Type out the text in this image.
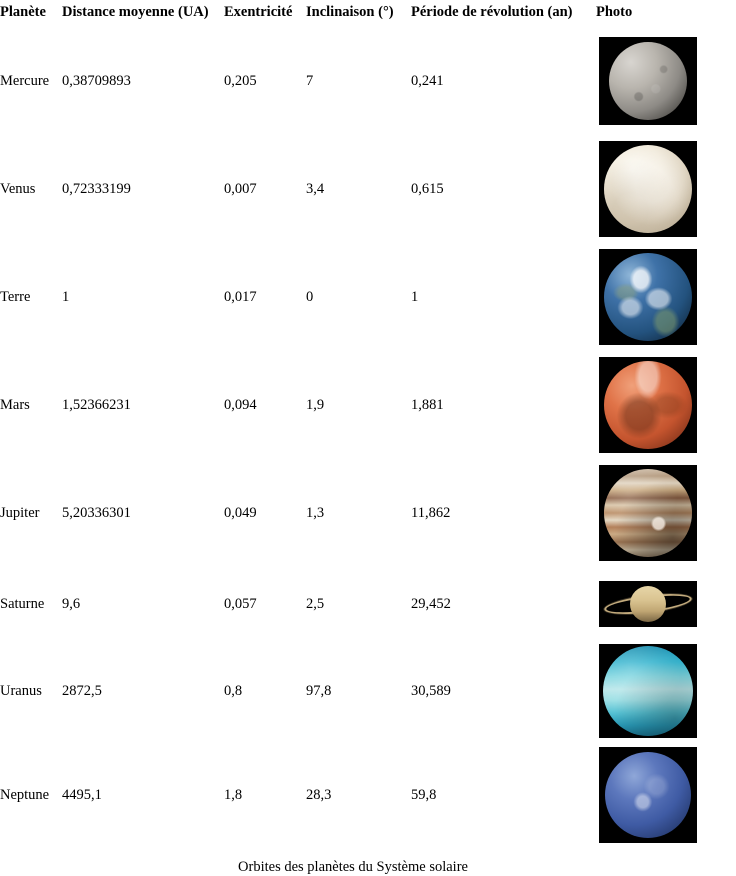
Planète	Distance moyenne (UA)	Exentricité	Inclinaison (°)	Période de révolution (an)	Photo
Mercure	0,38709893	0,205	7	0,241	

Venus	0,72333199	0,007	3,4	0,615	

Terre	1	0,017	0	1	

Mars	1,52366231	0,094	1,9	1,881	

Jupiter	5,20336301	0,049	1,3	11,862	

Saturne	9,6	0,057	2,5	29,452	

Uranus	2872,5	0,8	97,8	30,589	

Neptune	4495,1	1,8	28,3	59,8	
Orbites des planètes du Système solaire
